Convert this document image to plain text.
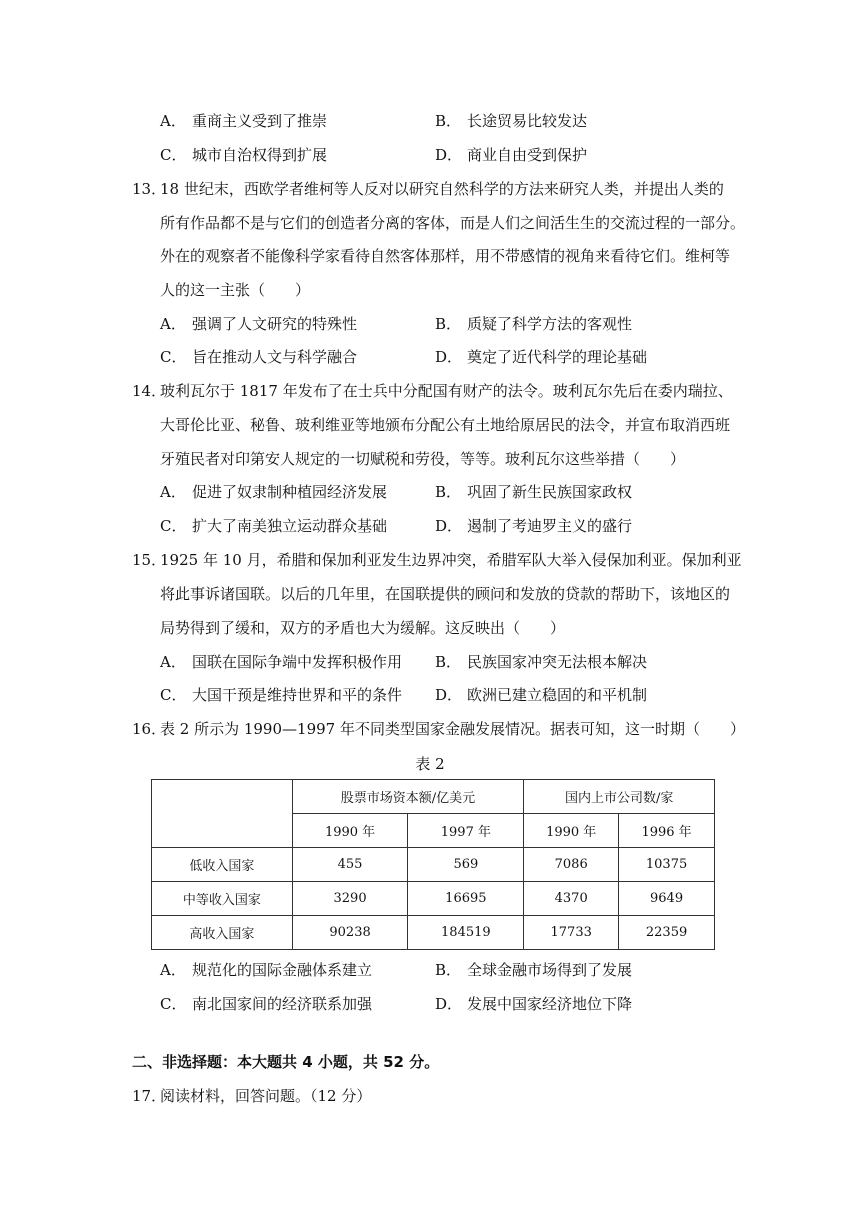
A． 重商主义受到了推崇	B． 长途贸易比较发达
C． 城市自治权得到扩展	D． 商业自由受到保护
13．
18 世纪末，西欧学者维柯等人反对以研究自然科学的方法来研究人类，并提出人类的
所有作品都不是与它们的创造者分离的客体，而是人们之间活生生的交流过程的一部分。
外在的观察者不能像科学家看待自然客体那样，用不带感情的视角来看待它们。维柯等
人的这一主张（　　）
A． 强调了人文研究的特殊性	B． 质疑了科学方法的客观性
C． 旨在推动人文与科学融合	D． 奠定了近代科学的理论基础
14．
玻利瓦尔于 1817 年发布了在士兵中分配国有财产的法令。玻利瓦尔先后在委内瑞拉、
大哥伦比亚、秘鲁、玻利维亚等地颁布分配公有土地给原居民的法令，并宣布取消西班
牙殖民者对印第安人规定的一切赋税和劳役，等等。玻利瓦尔这些举措（　　）
A． 促进了奴隶制种植园经济发展	B． 巩固了新生民族国家政权
C． 扩大了南美独立运动群众基础	D． 遏制了考迪罗主义的盛行
15．
1925 年 10 月，希腊和保加利亚发生边界冲突，希腊军队大举入侵保加利亚。保加利亚
将此事诉诸国联。以后的几年里，在国联提供的顾问和发放的贷款的帮助下，该地区的
局势得到了缓和，双方的矛盾也大为缓解。这反映出（　　）
A． 国联在国际争端中发挥积极作用 B． 民族国家冲突无法根本解决
C． 大国干预是维持世界和平的条件 D． 欧洲已建立稳固的和平机制
16．
表 2 所示为 1990—1997 年不同类型国家金融发展情况。据表可知，这一时期（　　）
表 2
	股票市场资本额/亿美元		国内上市公司数/家	
	1990 年	1997 年	1990 年	1996 年
低收入国家	455	569	7086	10375
中等收入国家	3290	16695	4370	9649
高收入国家	90238	184519	17733	22359
A． 规范化的国际金融体系建立	B． 全球金融市场得到了发展
C． 南北国家间的经济联系加强	D． 发展中国家经济地位下降
二、非选择题：本大题共 4 小题，共 52 分。
17．
阅读材料，回答问题。（12 分）
